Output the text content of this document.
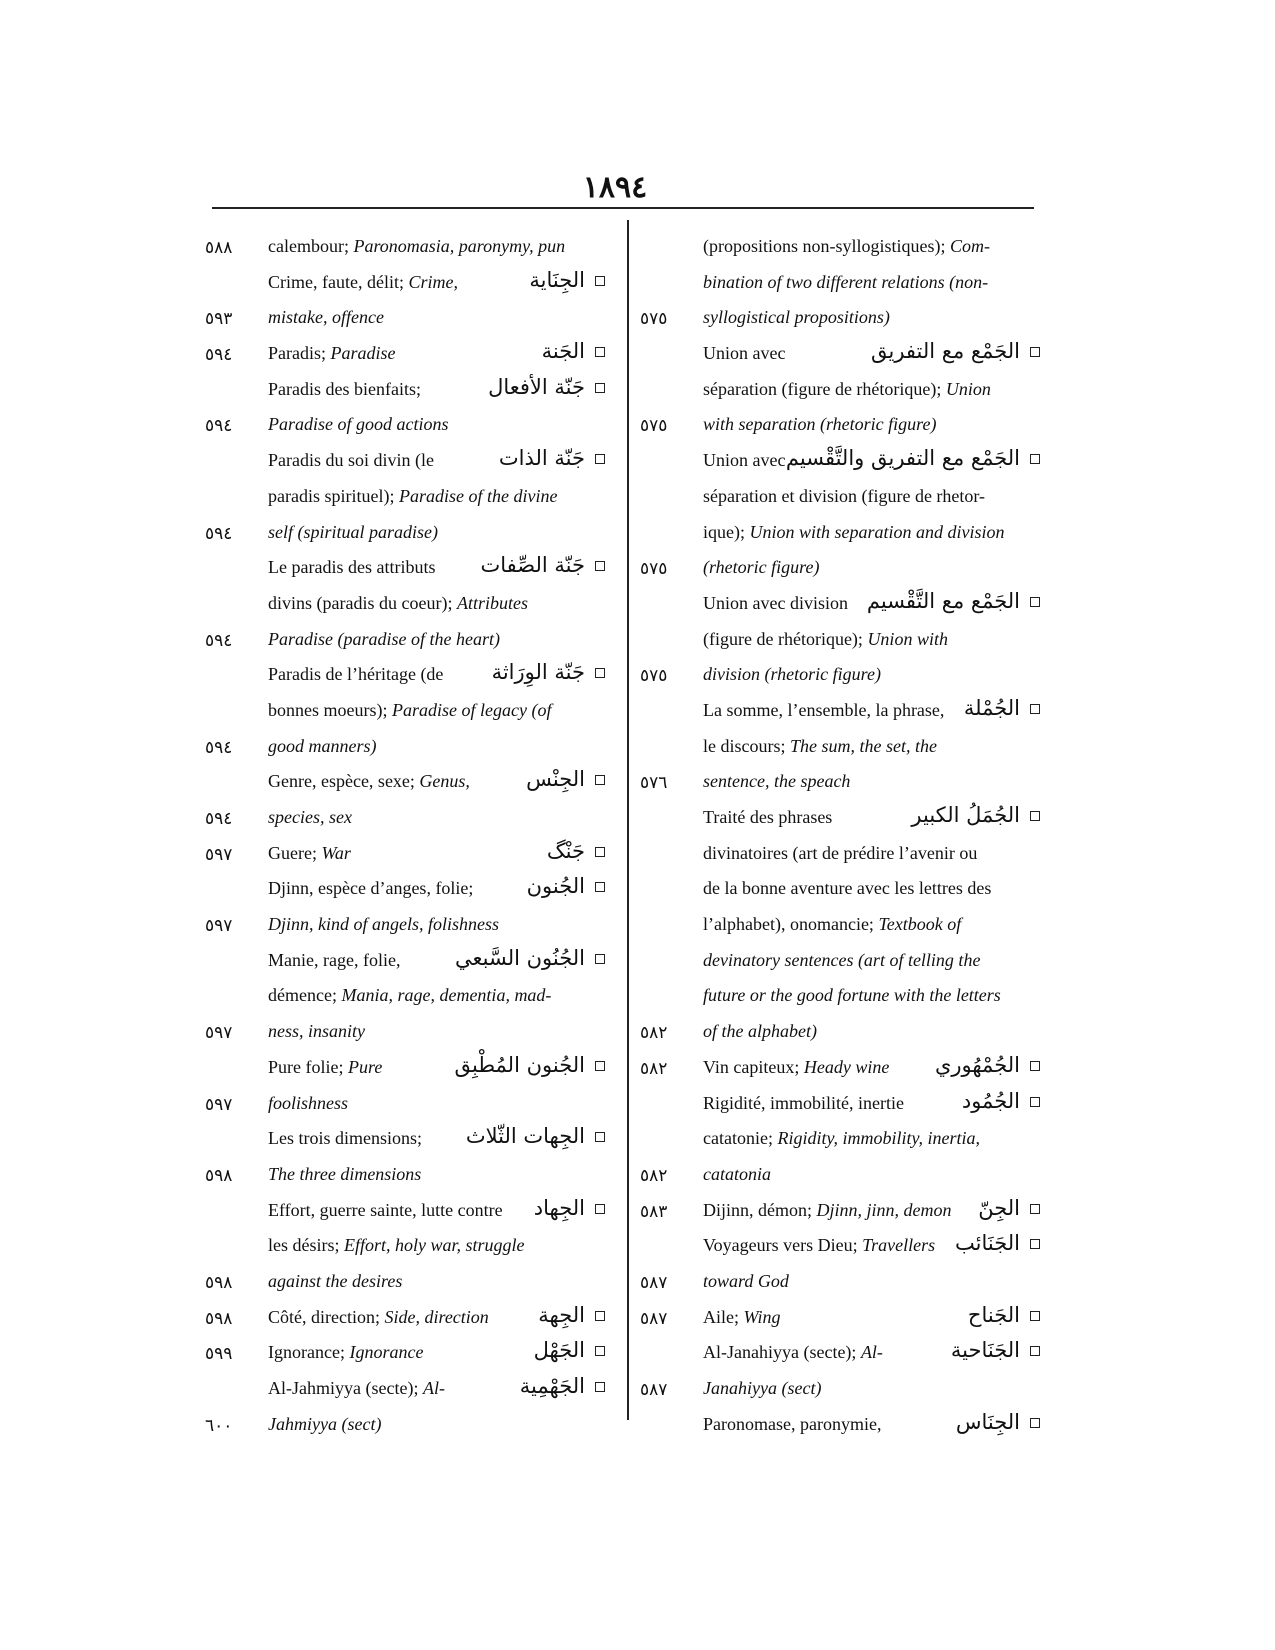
١٨٩٤
٥٨٨	calembour; Paronomasia, paronymy, pun
Crime, faute, délit; Crime,	الجِنَاية
٥٩٣	mistake, offence
٥٩٤	Paradis; Paradise	الجَنة
Paradis des bienfaits;	جَنّة الأفعال
٥٩٤	Paradise of good actions
Paradis du soi divin (le	جَنّة الذات
paradis spirituel); Paradise of the divine
٥٩٤	self (spiritual paradise)
Le paradis des attributs جَنّة الصِّفات
divins (paradis du coeur); Attributes
٥٩٤	Paradise (paradise of the heart)
Paradis de l’héritage (de جَنّة الوِرَاثة
bonnes moeurs); Paradise of legacy (of
٥٩٤	good manners)
Genre, espèce, sexe; Genus,	الجِنْس
٥٩٤	species, sex
٥٩٧	Guere; War	جَنْگ
Djinn, espèce d’anges, folie;	الجُنون
٥٩٧	Djinn, kind of angels, folishness
Manie, rage, folie,	الجُنُون السَّبعي
démence; Mania, rage, dementia, mad-
٥٩٧	ness, insanity
Pure folie; Pure	الجُنون المُطْبِق
٥٩٧	foolishness
Les trois dimensions; الجِهات الثّلاث
٥٩٨	The three dimensions
Effort, guerre sainte, lutte contre الجِهاد
les désirs; Effort, holy war, struggle
٥٩٨	against the desires
٥٩٨	Côté, direction; Side, direction الجِهة
٥٩٩	Ignorance; Ignorance	الجَهْل
Al-Jahmiyya (secte); Al-	الجَهْمِية
٦٠٠	Jahmiyya (sect)
(propositions non-syllogistiques); Com-
bination of two different relations (non-
٥٧٥	syllogistical propositions)
Union avec	الجَمْع مع التفريق
séparation (figure de rhétorique); Union
٥٧٥	with separation (rhetoric figure)
Union avec الجَمْع مع التفريق والتَّقْسيم
séparation et division (figure de rhetor-
ique); Union with separation and division
٥٧٥	(rhetoric figure)
Union avec division الجَمْع مع التَّقْسيم
(figure de rhétorique); Union with
٥٧٥	division (rhetoric figure)
La somme, l’ensemble, la phrase, الجُمْلة
le discours; The sum, the set, the
٥٧٦	sentence, the speach
Traité des phrases	الجُمَلُ الكبير
divinatoires (art de prédire l’avenir ou
de la bonne aventure avec les lettres des
l’alphabet), onomancie; Textbook of
devinatory sentences (art of telling the
future or the good fortune with the letters
٥٨٢	of the alphabet)
٥٨٢	Vin capiteux; Heady wine الجُمْهُوري
Rigidité, immobilité, inertie	الجُمُود
catatonie; Rigidity, immobility, inertia,
٥٨٢	catatonia
٥٨٣	Dijinn, démon; Djinn, jinn, demon الجِنّ
Voyageurs vers Dieu; Travellers الجَنَائب
٥٨٧	toward God
٥٨٧	Aile; Wing	الجَناح
Al-Janahiyya (secte); Al-	الجَنَاحية
٥٨٧	Janahiyya (sect)
Paronomase, paronymie,	الجِنَاس
